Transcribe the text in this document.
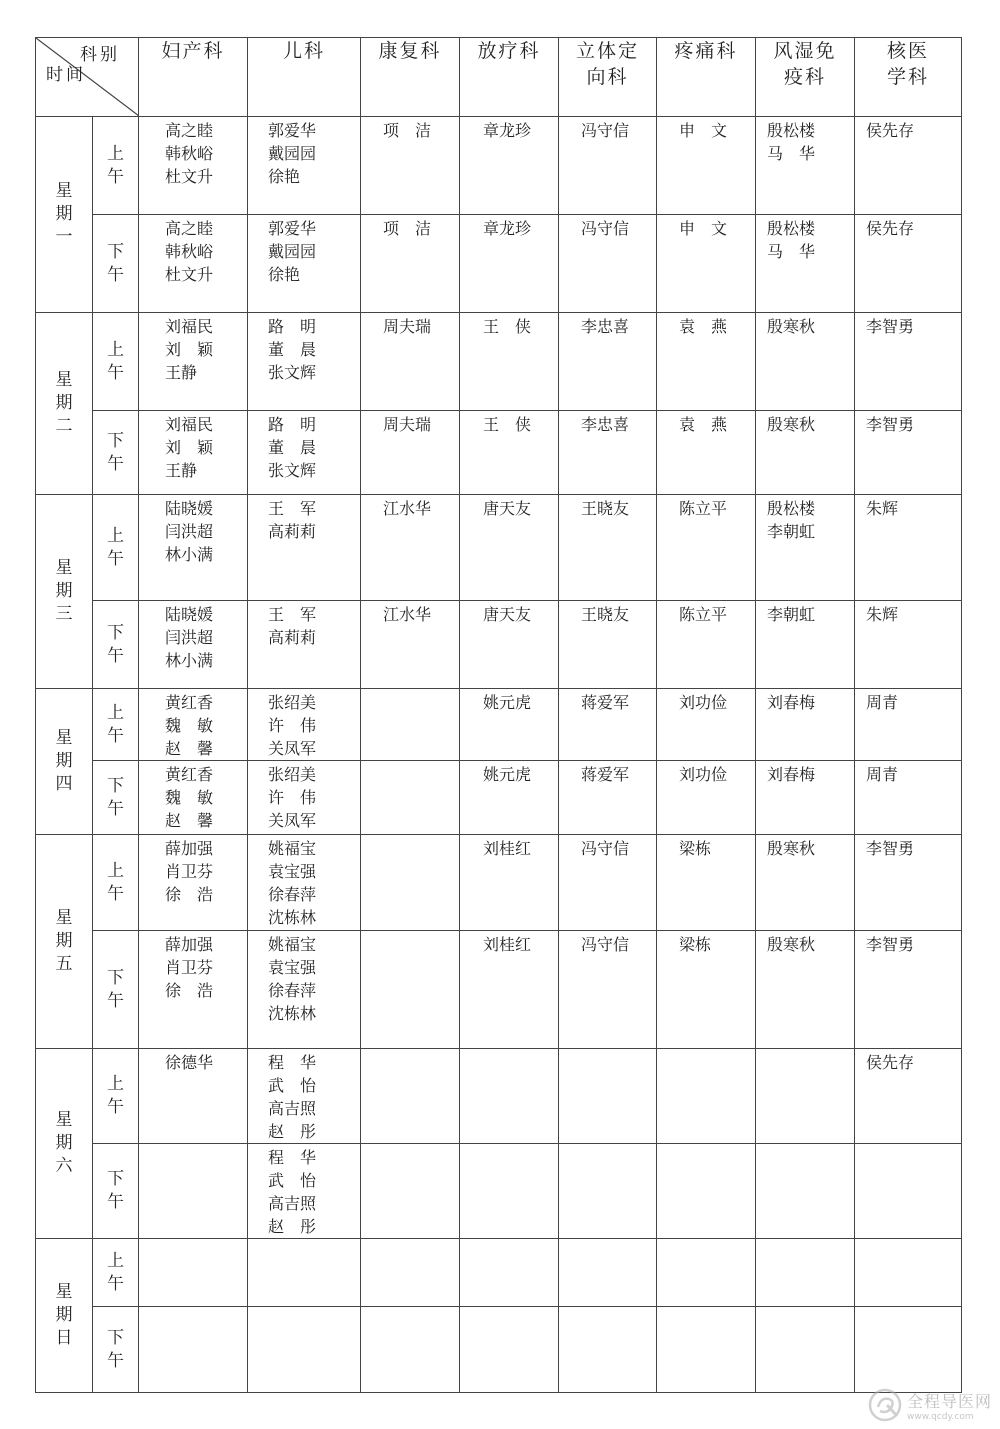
科别
时间		妇产科	儿科	康复科	放疗科	立体定
向科	疼痛科	风湿免
疫科	核医
学科

星期一	上午	高之睦
韩秋峪
杜文升	郭爱华
戴园园
徐艳	项　洁	章龙珍	冯守信	申　文	殷松楼
马　华	侯先存

	下午	高之睦
韩秋峪
杜文升	郭爱华
戴园园
徐艳	项　洁	章龙珍	冯守信	申　文	殷松楼
马　华	侯先存

星期二	上午	刘福民
刘　颖
王静	路　明
董　晨
张文辉	周夫瑞	王　侠	李忠喜	袁　燕	殷寒秋	李智勇

	下午	刘福民
刘　颖
王静	路　明
董　晨
张文辉	周夫瑞	王　侠	李忠喜	袁　燕	殷寒秋	李智勇

星期三	上午	陆晓媛
闫洪超
林小满	王　军
高莉莉	江水华	唐天友	王晓友	陈立平	殷松楼
李朝虹	朱辉

	下午	陆晓媛
闫洪超
林小满	王　军
高莉莉	江水华	唐天友	王晓友	陈立平	李朝虹	朱辉

星期四	上午	黄红香
魏　敏
赵　馨	张绍美
许　伟
关凤军		姚元虎	蒋爱军	刘功俭	刘春梅	周青

	下午	黄红香
魏　敏
赵　馨	张绍美
许　伟
关凤军		姚元虎	蒋爱军	刘功俭	刘春梅	周青

星期五	上午	薛加强
肖卫芬
徐　浩	姚福宝
袁宝强
徐春萍
沈栋林		刘桂红	冯守信	梁栋	殷寒秋	李智勇

	下午	薛加强
肖卫芬
徐　浩	姚福宝
袁宝强
徐春萍
沈栋林		刘桂红	冯守信	梁栋	殷寒秋	李智勇

星期六	上午	徐德华	程　华
武　怡
高吉照
赵　彤						侯先存

	下午		程　华
武　怡
高吉照
赵　彤						

星期日	上午								

	下午								

全程导医网
www.qcdy.com
